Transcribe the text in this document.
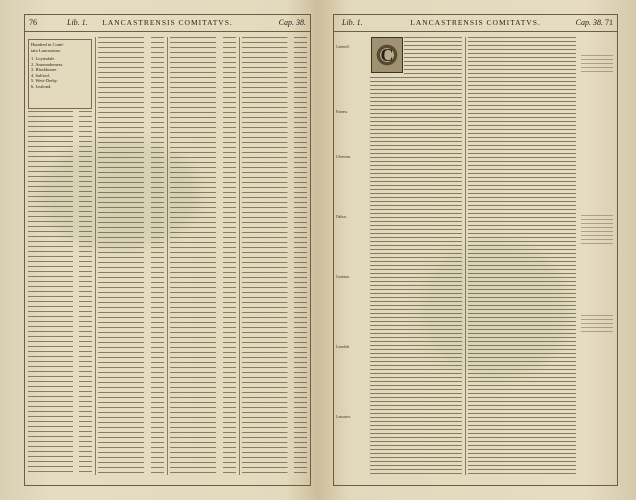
76	Lib. 1.	LANCASTRENSIS COMITATVS.	Cap. 38.
Hundred in Comi-
tatu Lancastriae:
1. Loynsdale.
2. Amounderness.
3. Blackburne.
4. Salford.
5. West-Derby.
6. Lealond.
Lib. 1.	LANCASTRENSIS COMITATVS.	Cap. 38. 71
C
Cartmell.
Furness.
Ulverston.
Dalton.
Coniston.
Lonsdale.
Lancaster.
